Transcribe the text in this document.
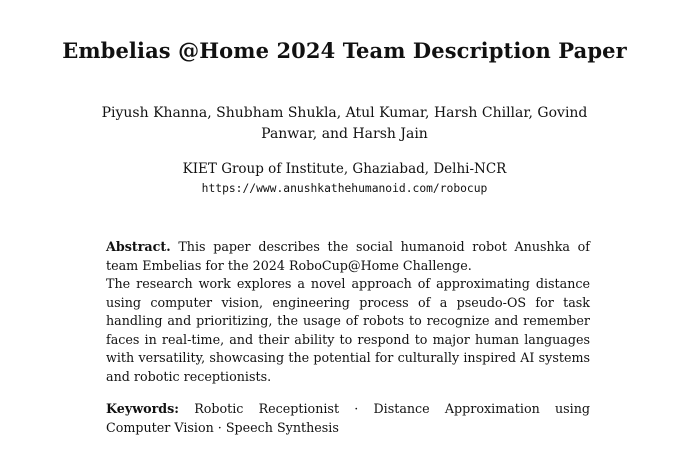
Embelias @Home 2024 Team Description Paper
Piyush Khanna, Shubham Shukla, Atul Kumar, Harsh Chillar, Govind
Panwar, and Harsh Jain
KIET Group of Institute, Ghaziabad, Delhi-NCR
https://www.anushkathehumanoid.com/robocup

Abstract. This paper describes the social humanoid robot Anushka of team Embelias for the 2024 RoboCup@Home Challenge.

The research work explores a novel approach of approximating distance using computer vision, engineering process of a pseudo-OS for task handling and prioritizing, the usage of robots to recognize and remember faces in real-time, and their ability to respond to major human languages with versatility, showcasing the potential for culturally inspired AI systems and robotic receptionists.

Keywords: Robotic Receptionist · Distance Approximation using Computer Vision · Speech Synthesis
